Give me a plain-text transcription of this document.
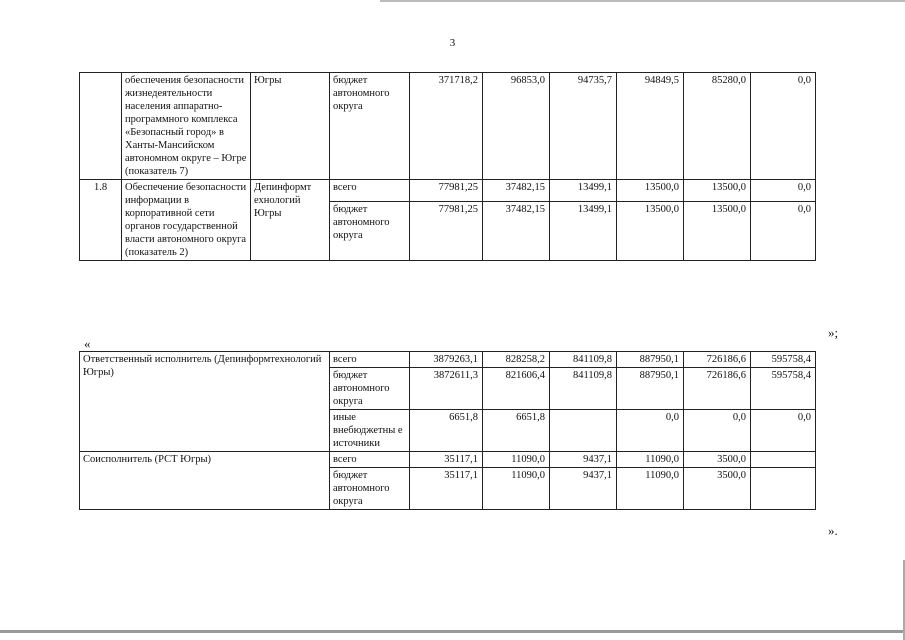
3
	обеспечения безопасности жизнедеятельности населения аппаратно-программного комплекса «Безопасный город» в Ханты-Мансийском автономном округе – Югре (показатель 7)	Югры	бюджет автономного округа	371718,2	96853,0	94735,7	94849,5	85280,0	0,0
1.8	Обеспечение безопасности информации в корпоративной сети органов государственной власти автономного округа (показатель 2)	Депинформт ехнологий Югры	всего	77981,25	37482,15	13499,1	13500,0	13500,0	0,0
			бюджет автономного округа	77981,25	37482,15	13499,1	13500,0	13500,0	0,0
»;
«
Ответственный исполнитель (Депинформтехнологий Югры)	всего	3879263,1	828258,2	841109,8	887950,1	726186,6	595758,4
	бюджет автономного округа	3872611,3	821606,4	841109,8	887950,1	726186,6	595758,4
	иные внебюджетны е источники	6651,8	6651,8		0,0	0,0	0,0
Соисполнитель (РСТ Югры)	всего	35117,1	11090,0	9437,1	11090,0	3500,0	
	бюджет автономного округа	35117,1	11090,0	9437,1	11090,0	3500,0	
».
